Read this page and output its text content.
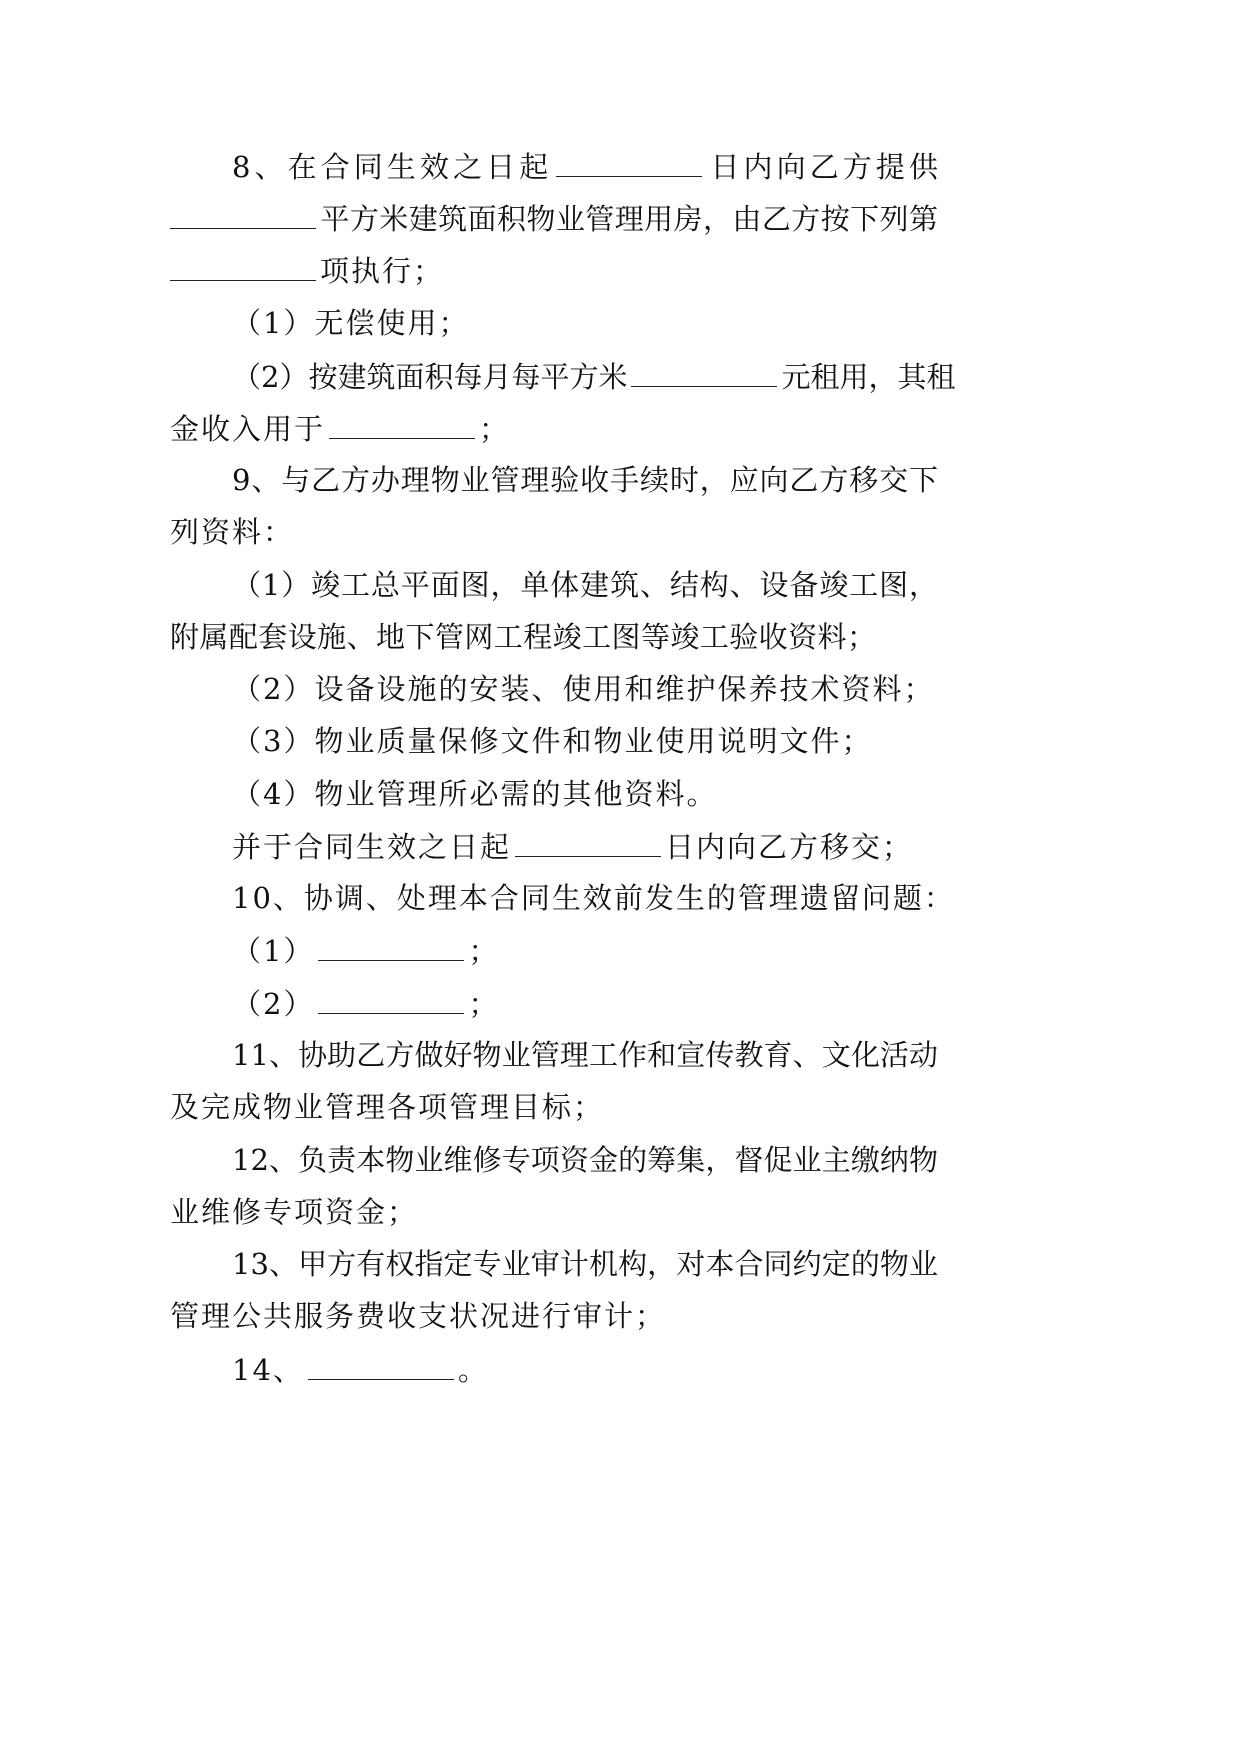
8、在合同生效之日起	日内向乙方提供
平方米建筑面积物业管理用房，由乙方按下列第
项执行；
（1）无偿使用；
（2）按建筑面积每月每平方米	元租用，其租
金收入用于	；
9、与乙方办理物业管理验收手续时，应向乙方移交下
列资料：
（1）竣工总平面图，单体建筑、结构、设备竣工图，
附属配套设施、地下管网工程竣工图等竣工验收资料；
（2）设备设施的安装、使用和维护保养技术资料；
（3）物业质量保修文件和物业使用说明文件；
（4）物业管理所必需的其他资料。
并于合同生效之日起	日内向乙方移交；
10、协调、处理本合同生效前发生的管理遗留问题：
（1）	；
（2）	；
11、协助乙方做好物业管理工作和宣传教育、文化活动
及完成物业管理各项管理目标；
12、负责本物业维修专项资金的筹集，督促业主缴纳物
业维修专项资金；
13、甲方有权指定专业审计机构，对本合同约定的物业
管理公共服务费收支状况进行审计；
14、	。
